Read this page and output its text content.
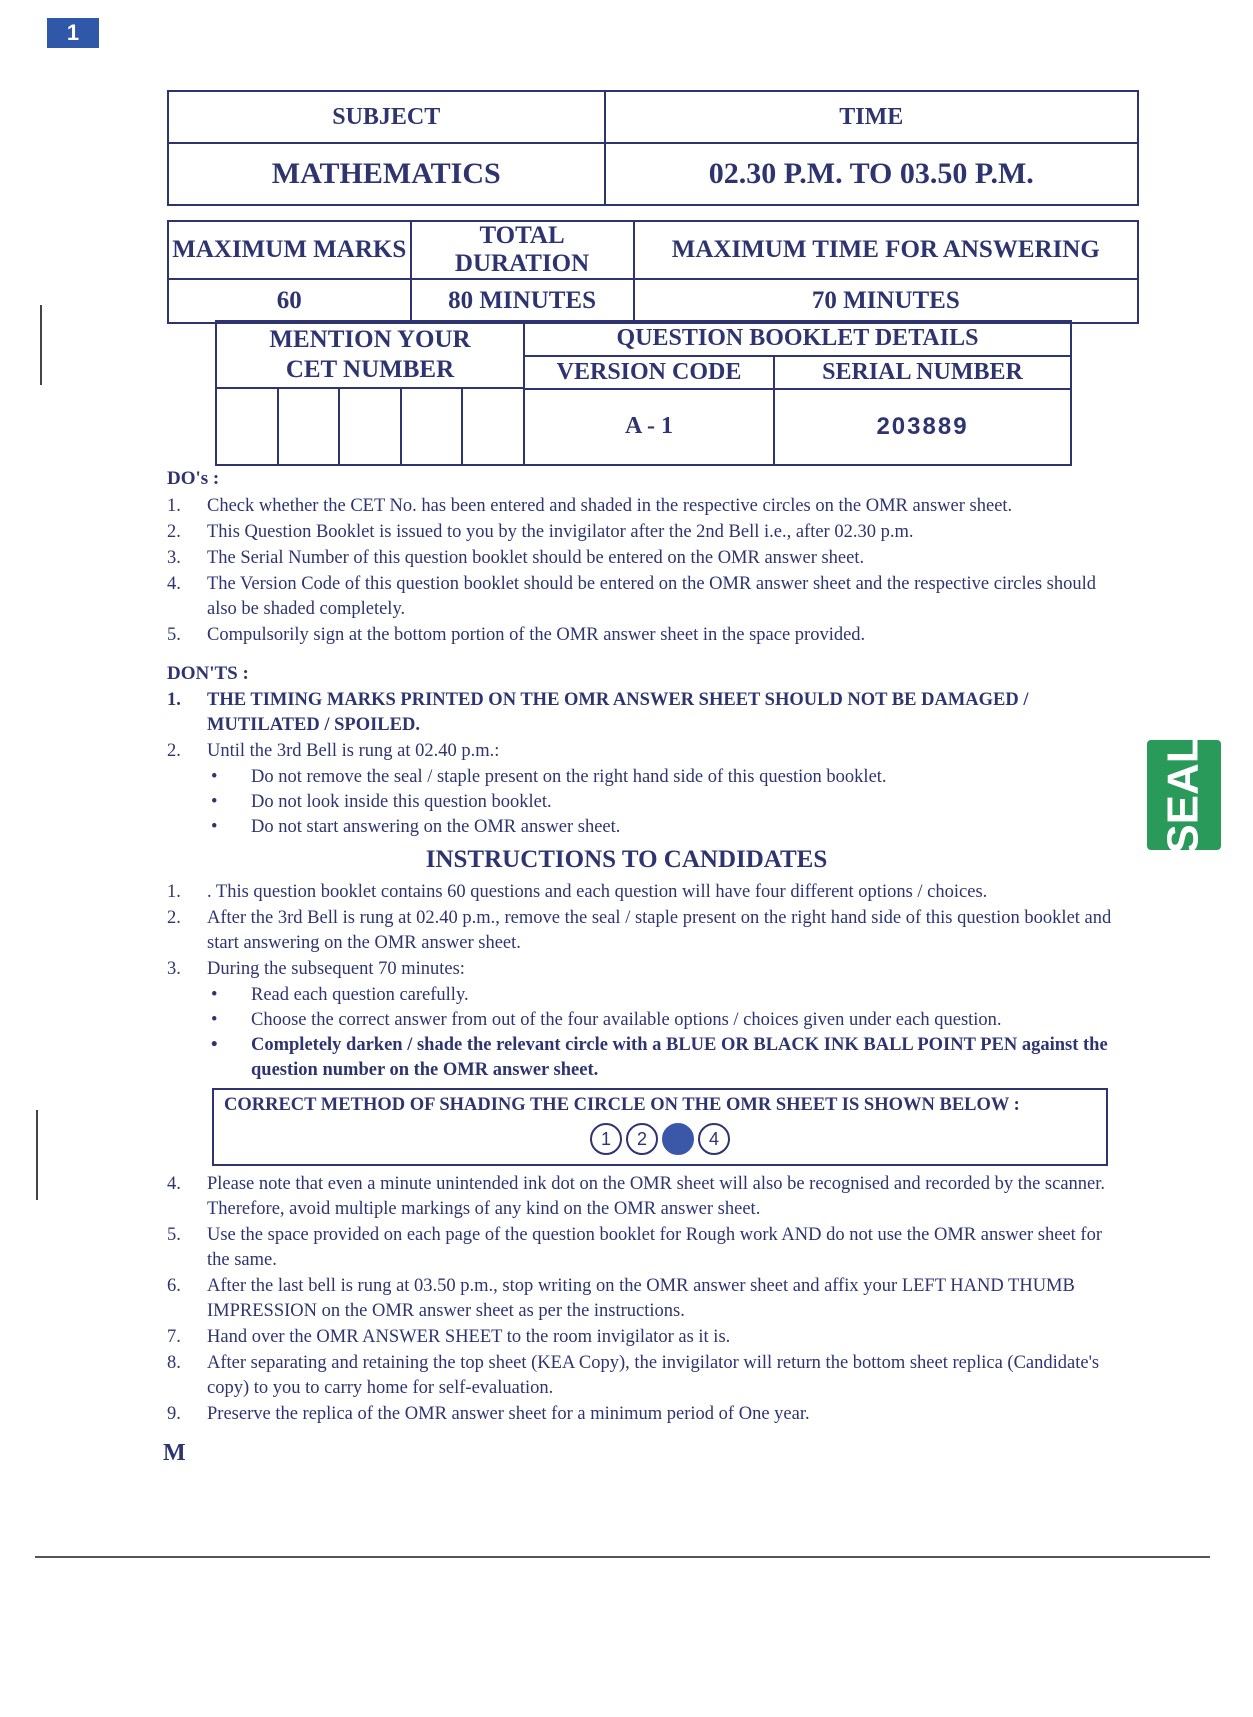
1
SUBJECT	TIME
MATHEMATICS	02.30 P.M. TO 03.50 P.M.
MAXIMUM MARKS	TOTAL DURATION	MAXIMUM TIME FOR ANSWERING
60	80 MINUTES	70 MINUTES
MENTION YOUR
CET NUMBER	QUESTION BOOKLET DETAILS	
	VERSION CODE	SERIAL NUMBER
	A - 1	203889
DO's :
1.	Check whether the CET No. has been entered and shaded in the respective circles on the OMR answer sheet.
2.	This Question Booklet is issued to you by the invigilator after the 2nd Bell i.e., after 02.30 p.m.
3.	The Serial Number of this question booklet should be entered on the OMR answer sheet.
4.	The Version Code of this question booklet should be entered on the OMR answer sheet and the respective circles should also be shaded completely.
5.	Compulsorily sign at the bottom portion of the OMR answer sheet in the space provided.
DON'TS :
1.	THE TIMING MARKS PRINTED ON THE OMR ANSWER SHEET SHOULD NOT BE DAMAGED / MUTILATED / SPOILED.
2.	Until the 3rd Bell is rung at 02.40 p.m.:
•	Do not remove the seal / staple present on the right hand side of this question booklet.
•	Do not look inside this question booklet.
•	Do not start answering on the OMR answer sheet.
INSTRUCTIONS TO CANDIDATES
1.	. This question booklet contains 60 questions and each question will have four different options / choices.
2.	After the 3rd Bell is rung at 02.40 p.m., remove the seal / staple present on the right hand side of this question booklet and start answering on the OMR answer sheet.
3.	During the subsequent 70 minutes:
•	Read each question carefully.
•	Choose the correct answer from out of the four available options / choices given under each question.
•	Completely darken / shade the relevant circle with a BLUE OR BLACK INK BALL POINT PEN against the question number on the OMR answer sheet.
CORRECT METHOD OF SHADING THE CIRCLE ON THE OMR SHEET IS SHOWN BELOW :
1	2	4
4.	Please note that even a minute unintended ink dot on the OMR sheet will also be recognised and recorded by the scanner. Therefore, avoid multiple markings of any kind on the OMR answer sheet.
5.	Use the space provided on each page of the question booklet for Rough work AND do not use the OMR answer sheet for the same.
6.	After the last bell is rung at 03.50 p.m., stop writing on the OMR answer sheet and affix your LEFT HAND THUMB IMPRESSION on the OMR answer sheet as per the instructions.
7.	Hand over the OMR ANSWER SHEET to the room invigilator as it is.
8.	After separating and retaining the top sheet (KEA Copy), the invigilator will return the bottom sheet replica (Candidate's copy) to you to carry home for self-evaluation.
9.	Preserve the replica of the OMR answer sheet for a minimum period of One year.
SEAL
M
